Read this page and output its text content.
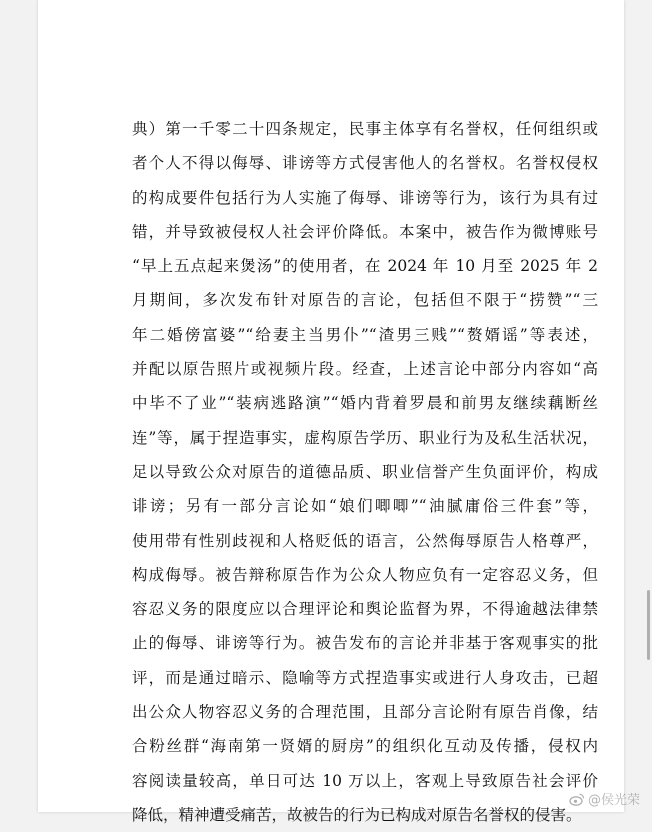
典）第一千零二十四条规定，民事主体享有名誉权，任何组织或
者个人不得以侮辱、诽谤等方式侵害他人的名誉权。名誉权侵权
的构成要件包括行为人实施了侮辱、诽谤等行为，该行为具有过
错，并导致被侵权人社会评价降低。本案中，被告作为微博账号
“早上五点起来煲汤”的使用者，在 2024 年 10 月至 2025 年 2
月期间，多次发布针对原告的言论，包括但不限于“捞赞”“三
年二婚傍富婆”“给妻主当男仆”“渣男三贱”“赘婿谣”等表述，
并配以原告照片或视频片段。经查，上述言论中部分内容如“高
中毕不了业”“装病逃路演”“婚内背着罗晨和前男友继续藕断丝
连”等，属于捏造事实，虚构原告学历、职业行为及私生活状况，
足以导致公众对原告的道德品质、职业信誉产生负面评价，构成
诽谤；另有一部分言论如“娘们唧唧”“油腻庸俗三件套”等，
使用带有性别歧视和人格贬低的语言，公然侮辱原告人格尊严，
构成侮辱。被告辩称原告作为公众人物应负有一定容忍义务，但
容忍义务的限度应以合理评论和舆论监督为界，不得逾越法律禁
止的侮辱、诽谤等行为。被告发布的言论并非基于客观事实的批
评，而是通过暗示、隐喻等方式捏造事实或进行人身攻击，已超
出公众人物容忍义务的合理范围，且部分言论附有原告肖像，结
合粉丝群“海南第一贤婿的厨房”的组织化互动及传播，侵权内
容阅读量较高，单日可达 10 万以上，客观上导致原告社会评价
降低，精神遭受痛苦，故被告的行为已构成对原告名誉权的侵害。
@侯光荣
